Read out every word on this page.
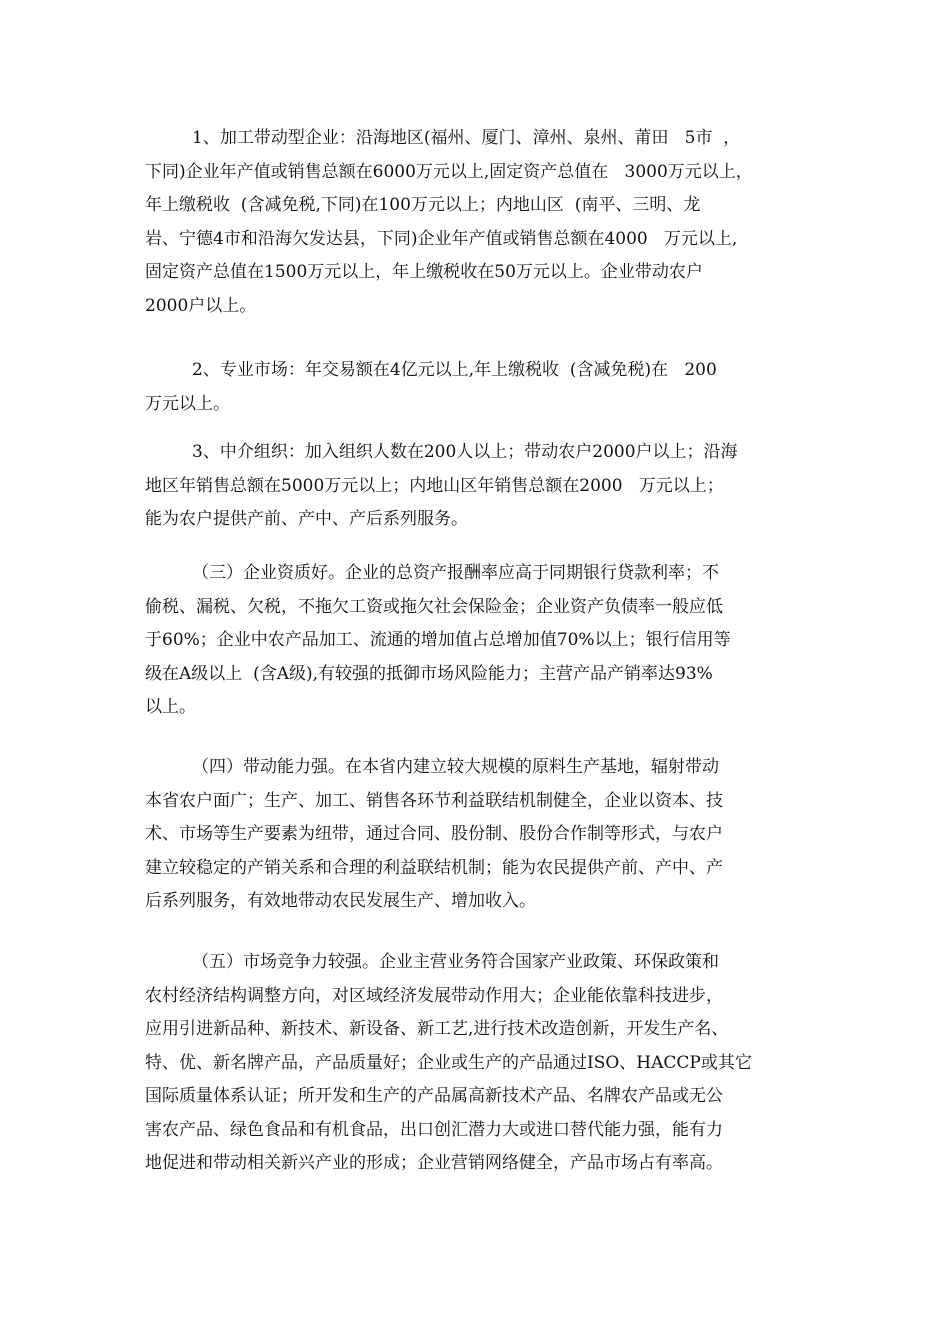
1、加工带动型企业：沿海地区(福州、厦门、漳州、泉州、莆田   5市  ，
下同)企业年产值或销售总额在6000万元以上,固定资产总值在   3000万元以上，
年上缴税收  (含减免税,下同)在100万元以上；内地山区  (南平、三明、龙
岩、宁德4市和沿海欠发达县，下同)企业年产值或销售总额在4000   万元以上,
固定资产总值在1500万元以上，年上缴税收在50万元以上。企业带动农户
2000户以上。

2、专业市场：年交易额在4亿元以上,年上缴税收  (含减免税)在   200
万元以上。

3、中介组织：加入组织人数在200人以上；带动农户2000户以上；沿海
地区年销售总额在5000万元以上；内地山区年销售总额在2000   万元以上；
能为农户提供产前、产中、产后系列服务。

（三）企业资质好。企业的总资产报酬率应高于同期银行贷款利率；不
偷税、漏税、欠税，不拖欠工资或拖欠社会保险金；企业资产负债率一般应低
于60%；企业中农产品加工、流通的增加值占总增加值70%以上；银行信用等
级在A级以上  (含A级),有较强的抵御市场风险能力；主营产品产销率达93%
以上。

（四）带动能力强。在本省内建立较大规模的原料生产基地，辐射带动
本省农户面广；生产、加工、销售各环节利益联结机制健全，企业以资本、技
术、市场等生产要素为纽带，通过合同、股份制、股份合作制等形式，与农户
建立较稳定的产销关系和合理的利益联结机制；能为农民提供产前、产中、产
后系列服务，有效地带动农民发展生产、增加收入。

（五）市场竞争力较强。企业主营业务符合国家产业政策、环保政策和
农村经济结构调整方向，对区域经济发展带动作用大；企业能依靠科技进步，
应用引进新品种、新技术、新设备、新工艺,进行技术改造创新，开发生产名、
特、优、新名牌产品，产品质量好；企业或生产的产品通过ISO、HACCP或其它
国际质量体系认证；所开发和生产的产品属高新技术产品、名牌农产品或无公
害农产品、绿色食品和有机食品，出口创汇潜力大或进口替代能力强，能有力
地促进和带动相关新兴产业的形成；企业营销网络健全，产品市场占有率高。
